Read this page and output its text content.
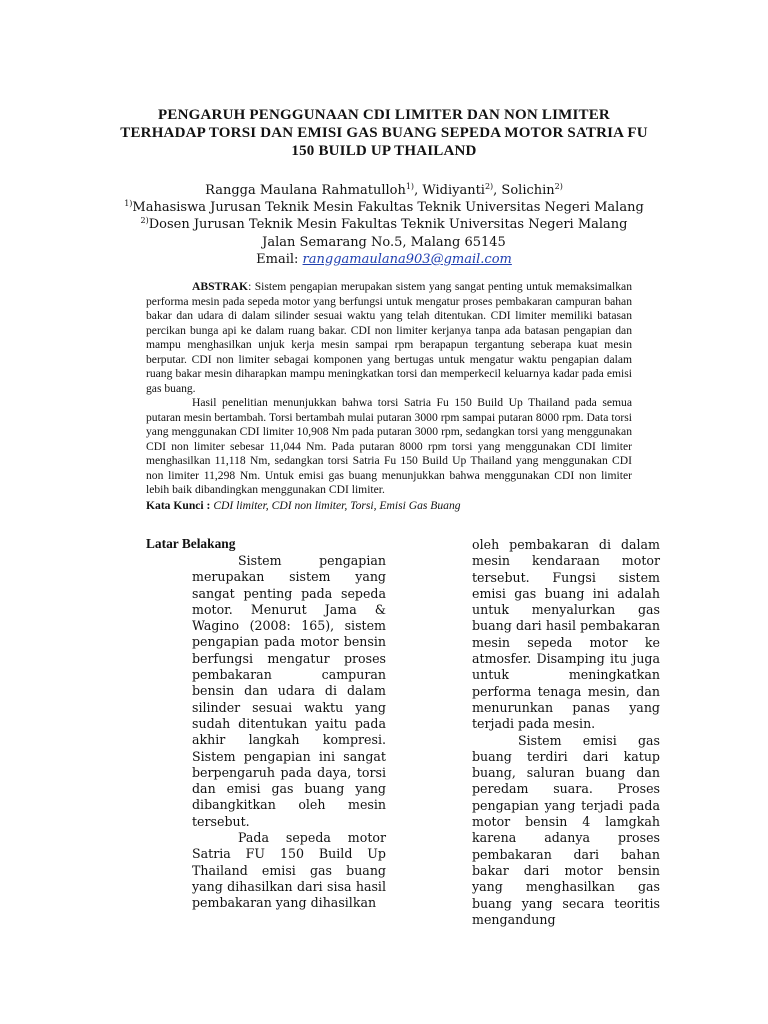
PENGARUH PENGGUNAAN CDI LIMITER DAN NON LIMITER TERHADAP TORSI DAN EMISI GAS BUANG SEPEDA MOTOR SATRIA FU 150 BUILD UP THAILAND
Rangga Maulana Rahmatulloh$^{1)}$, Widiyanti$^{2)}$, Solichin$^{2)}$
$^{1)}$Mahasiswa Jurusan Teknik Mesin Fakultas Teknik Universitas Negeri Malang
$^{2)}$Dosen Jurusan Teknik Mesin Fakultas Teknik Universitas Negeri Malang
Jalan Semarang No.5, Malang 65145
Email: ranggamaulana903@gmail.com

ABSTRAK: Sistem pengapian merupakan sistem yang sangat penting untuk memaksimalkan performa mesin pada sepeda motor yang berfungsi untuk mengatur proses pembakaran campuran bahan bakar dan udara di dalam silinder sesuai waktu yang telah ditentukan. CDI limiter memiliki batasan percikan bunga api ke dalam ruang bakar. CDI non limiter kerjanya tanpa ada batasan pengapian dan mampu menghasilkan unjuk kerja mesin sampai rpm berapapun tergantung seberapa kuat mesin berputar. CDI non limiter sebagai komponen yang bertugas untuk mengatur waktu pengapian dalam ruang bakar mesin diharapkan mampu meningkatkan torsi dan memperkecil keluarnya kadar pada emisi gas buang.

Hasil penelitian menunjukkan bahwa torsi Satria Fu 150 Build Up Thailand pada semua putaran mesin bertambah. Torsi bertambah mulai putaran 3000 rpm sampai putaran 8000 rpm. Data torsi yang menggunakan CDI limiter 10,908 Nm pada putaran 3000 rpm, sedangkan torsi yang menggunakan CDI non limiter sebesar 11,044 Nm. Pada putaran 8000 rpm torsi yang menggunakan CDI limiter menghasilkan 11,118 Nm, sedangkan torsi Satria Fu 150 Build Up Thailand yang menggunakan CDI non limiter 11,298 Nm. Untuk emisi gas buang menunjukkan bahwa menggunakan CDI non limiter lebih baik dibandingkan menggunakan CDI limiter.

Kata Kunci : CDI limiter, CDI non limiter, Torsi, Emisi Gas Buang
Latar Belakang

Sistem pengapian merupakan sistem yang sangat penting pada sepeda motor. Menurut Jama & Wagino (2008: 165), sistem pengapian pada motor bensin berfungsi mengatur proses pembakaran campuran bensin dan udara di dalam silinder sesuai waktu yang sudah ditentukan yaitu pada akhir langkah kompresi. Sistem pengapian ini sangat berpengaruh pada daya, torsi dan emisi gas buang yang dibangkitkan oleh mesin tersebut.

Pada sepeda motor Satria FU 150 Build Up Thailand emisi gas buang yang dihasilkan dari sisa hasil pembakaran yang dihasilkan

oleh pembakaran di dalam mesin kendaraan motor tersebut. Fungsi sistem emisi gas buang ini adalah untuk menyalurkan gas buang dari hasil pembakaran mesin sepeda motor ke atmosfer. Disamping itu juga untuk meningkatkan performa tenaga mesin, dan menurunkan panas yang terjadi pada mesin.

Sistem emisi gas buang terdiri dari katup buang, saluran buang dan peredam suara. Proses pengapian yang terjadi pada motor bensin 4 lamgkah karena adanya proses pembakaran dari bahan bakar dari motor bensin yang menghasilkan gas buang yang secara teoritis mengandung
